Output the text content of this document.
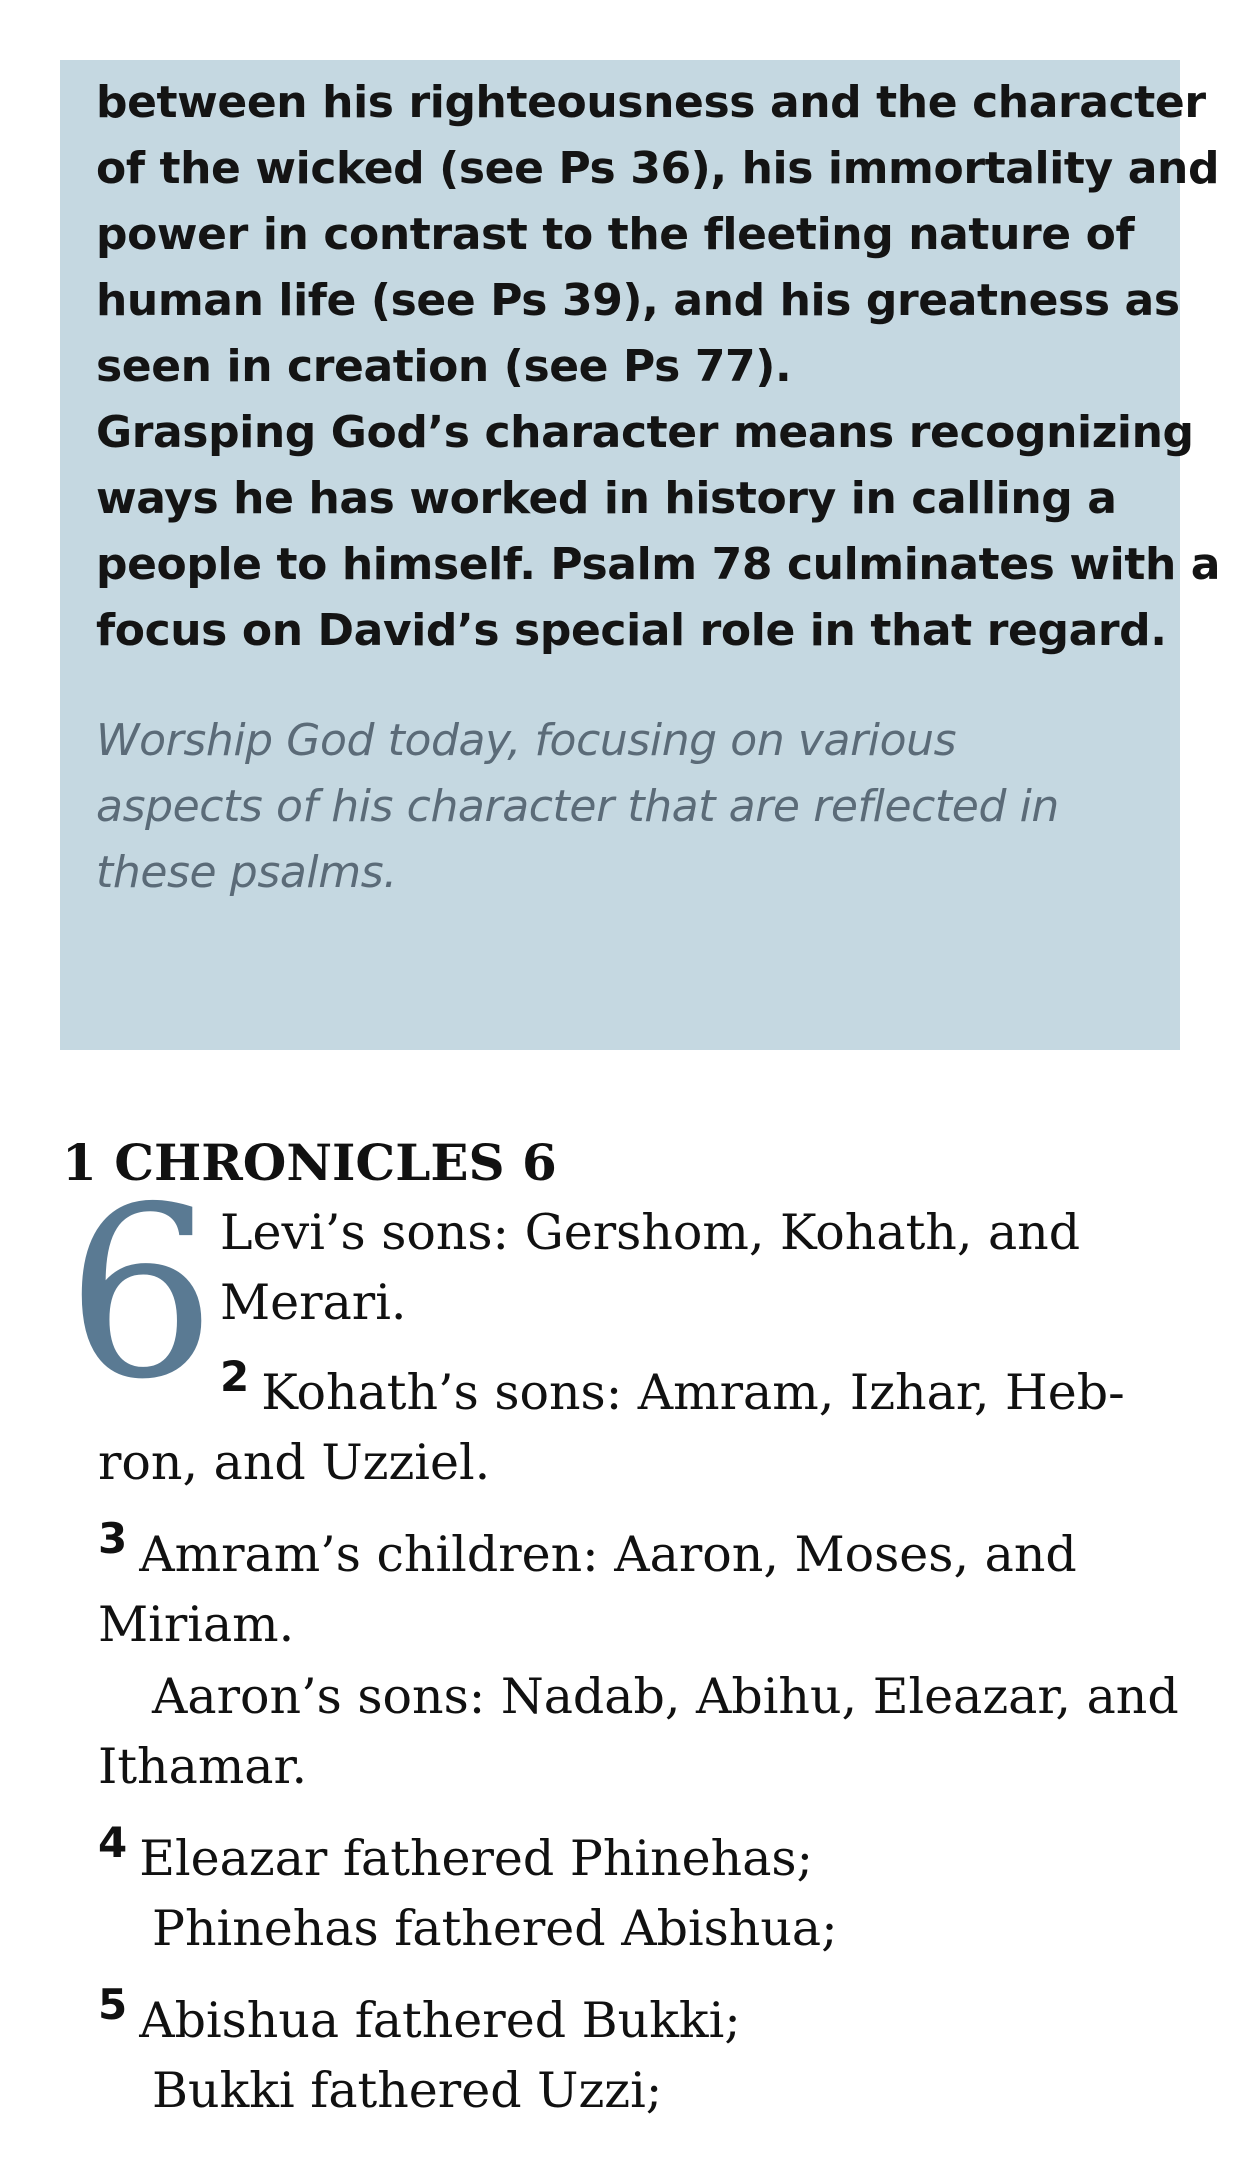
between his righteousness and the character
of the wicked (see Ps 36), his immortality and
power in contrast to the fleeting nature of
human life (see Ps 39), and his greatness as
seen in creation (see Ps 77).
Grasping God’s character means recognizing
ways he has worked in history in calling a
people to himself. Psalm 78 culminates with a
focus on David’s special role in that regard.

Worship God today, focusing on various
aspects of his character that are reflected in
these psalms.

1 CHRONICLES 6
6 Levi’s sons: Gershom, Kohath, and
Merari.
2 Kohath’s sons: Amram, Izhar, Heb-
ron, and Uzziel.
3 Amram’s children: Aaron, Moses, and
Miriam.
Aaron’s sons: Nadab, Abihu, Eleazar, and
Ithamar.
4 Eleazar fathered Phinehas;
Phinehas fathered Abishua;
5 Abishua fathered Bukki;
Bukki fathered Uzzi;
